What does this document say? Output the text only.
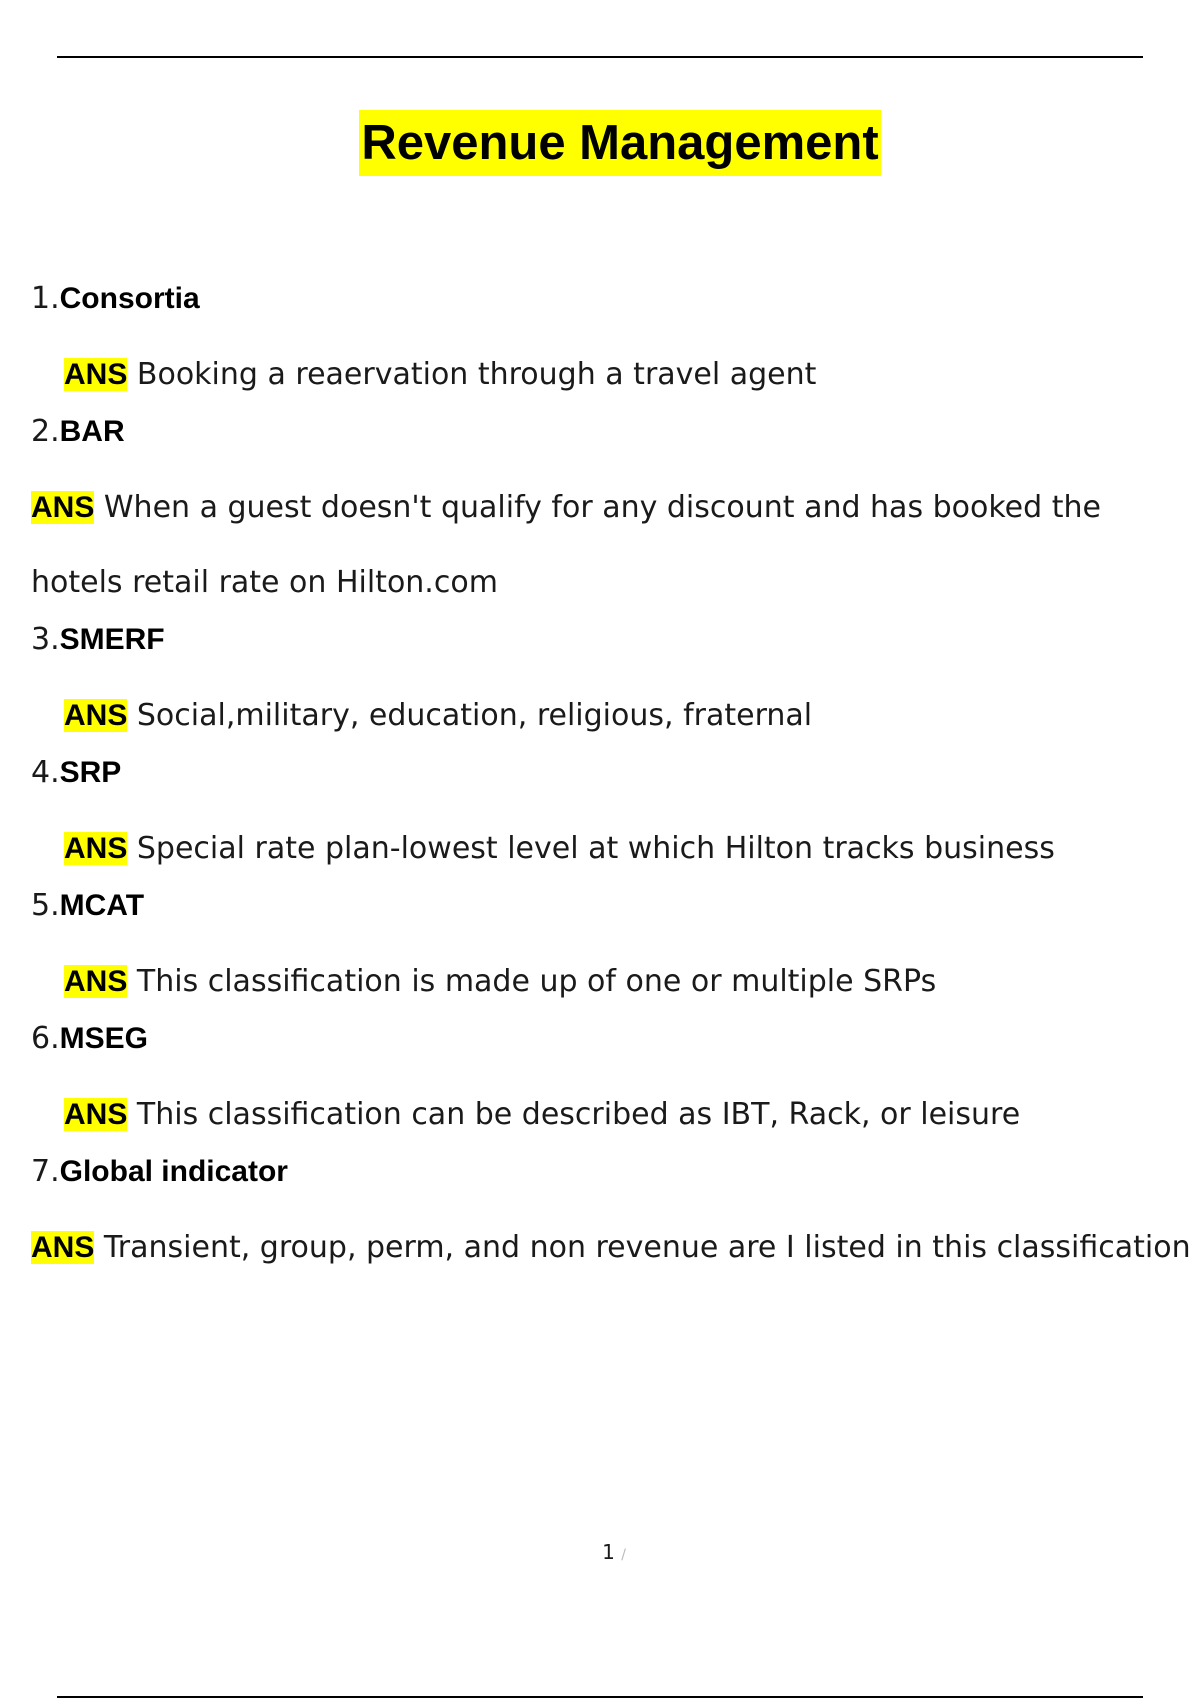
Revenue Management
1.Consortia
ANS Booking a reaervation through a travel agent
2.BAR
ANS When a guest doesn't qualify for any discount and has booked the hotels retail rate on Hilton.com
3.SMERF
ANS Social,military, education, religious, fraternal
4.SRP
ANS Special rate plan-lowest level at which Hilton tracks business
5.MCAT
ANS This classification is made up of one or multiple SRPs
6.MSEG
ANS This classification can be described as IBT, Rack, or leisure
7.Global indicator
ANS Transient, group, perm, and non revenue are I listed in this classification
1 /
